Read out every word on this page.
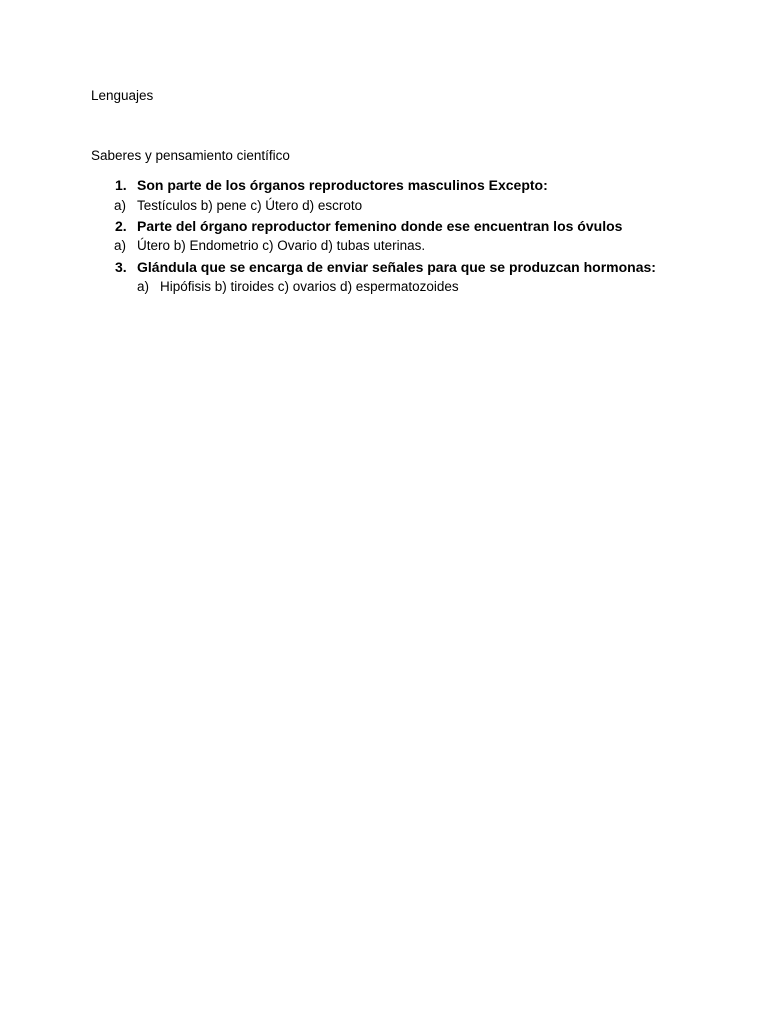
Lenguajes
Saberes y pensamiento científico
1. Son parte de los órganos reproductores masculinos Excepto:
a) Testículos b) pene c) Útero d) escroto
2. Parte del órgano reproductor femenino donde ese encuentran los óvulos
a) Útero b) Endometrio c) Ovario d) tubas uterinas.
3. Glándula que se encarga de enviar señales para que se produzcan hormonas:
a) Hipófisis b) tiroides c) ovarios d) espermatozoides
